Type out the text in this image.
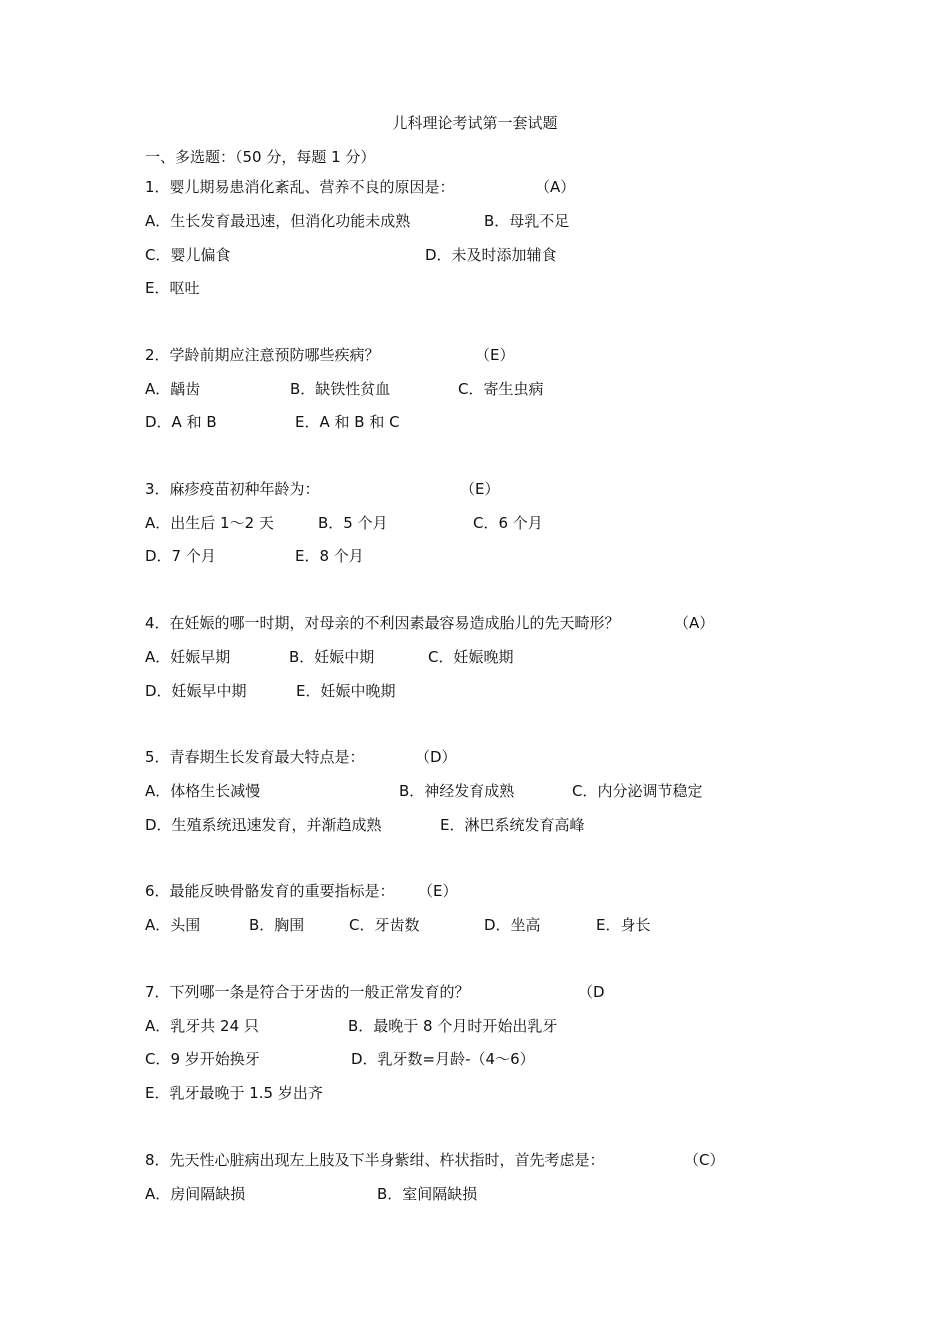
儿科理论考试第一套试题
一、多选题：（50 分，每题 1 分）
1．婴儿期易患消化紊乱、营养不良的原因是：	（A）
A．生长发育最迅速，但消化功能未成熟	B．母乳不足
C．婴儿偏食	D．未及时添加辅食
E．呕吐
2．学龄前期应注意预防哪些疾病？	（E）
A．龋齿	B．缺铁性贫血	C．寄生虫病
D．A 和 B	E．A 和 B 和 C
3．麻疹疫苗初种年龄为：	（E）
A．出生后 1～2 天	B．5 个月	C．6 个月
D．7 个月	E．8 个月
4．在妊娠的哪一时期，对母亲的不利因素最容易造成胎儿的先天畸形？	（A）
A．妊娠早期	B．妊娠中期	C．妊娠晚期
D．妊娠早中期	E．妊娠中晚期
5．青春期生长发育最大特点是：	（D）
A．体格生长减慢	B．神经发育成熟	C．内分泌调节稳定
D．生殖系统迅速发育，并渐趋成熟	E．淋巴系统发育高峰
6．最能反映骨骼发育的重要指标是： （E）
A．头围	B．胸围	C．牙齿数	D．坐高	E．身长
7．下列哪一条是符合于牙齿的一般正常发育的？	（D
A．乳牙共 24 只	B．最晚于 8 个月时开始出乳牙
C．9 岁开始换牙	D．乳牙数=月龄-（4～6）
E．乳牙最晚于 1.5 岁出齐
8．先天性心脏病出现左上肢及下半身紫绀、杵状指时，首先考虑是：	（C）
A．房间隔缺损	B．室间隔缺损
